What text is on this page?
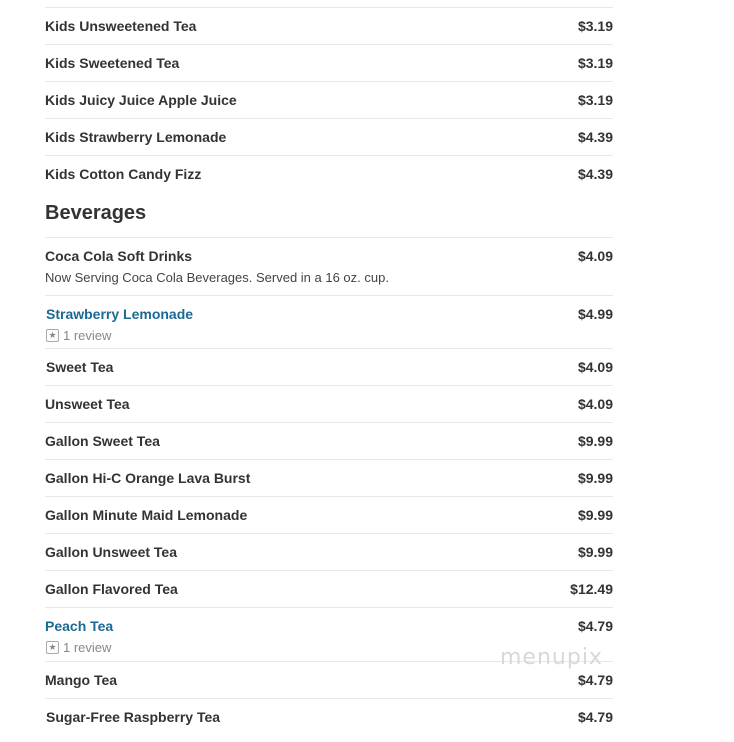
Kids Unsweetened Tea	$3.19
Kids Sweetened Tea	$3.19
Kids Juicy Juice Apple Juice	$3.19
Kids Strawberry Lemonade	$4.39
Kids Cotton Candy Fizz	$4.39
Beverages
Coca Cola Soft Drinks	$4.09
Now Serving Coca Cola Beverages. Served in a 16 oz. cup.
Strawberry Lemonade	$4.99
★ 1 review
Sweet Tea	$4.09
Unsweet Tea	$4.09
Gallon Sweet Tea	$9.99
Gallon Hi-C Orange Lava Burst	$9.99
Gallon Minute Maid Lemonade	$9.99
Gallon Unsweet Tea	$9.99
Gallon Flavored Tea	$12.49
Peach Tea	$4.79
★ 1 review
Mango Tea	$4.79
Sugar-Free Raspberry Tea	$4.79
menupix
